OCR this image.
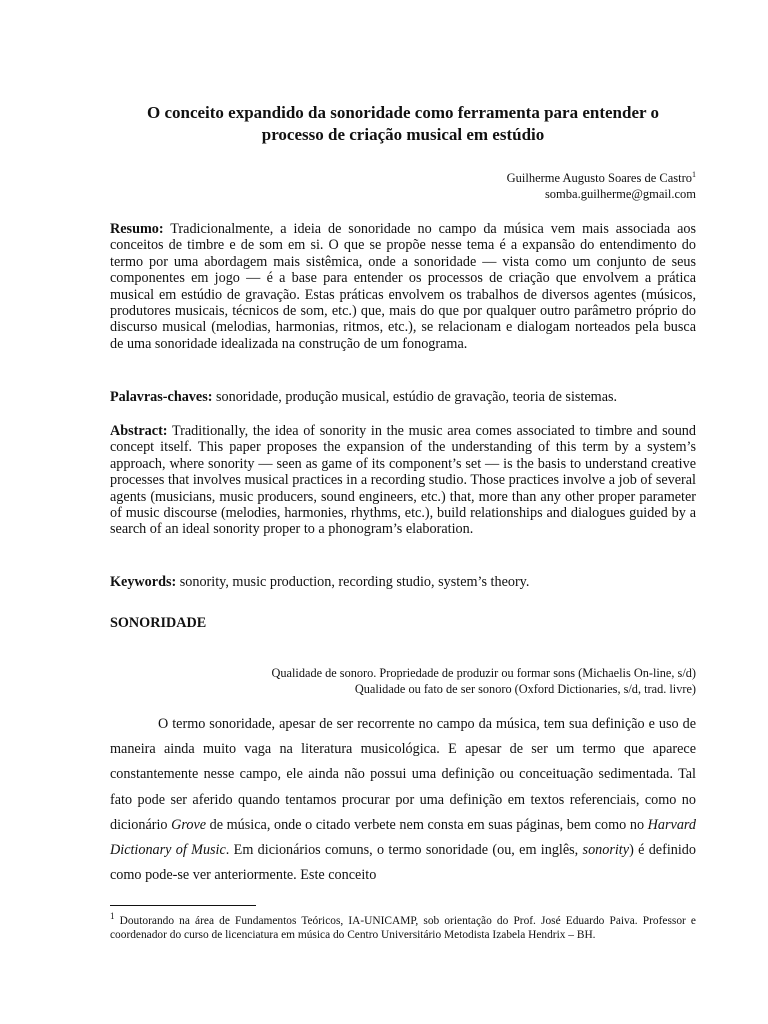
O conceito expandido da sonoridade como ferramenta para entender o
processo de criação musical em estúdio
Guilherme Augusto Soares de Castro$^1$
somba.guilherme@gmail.com
Resumo: Tradicionalmente, a ideia de sonoridade no campo da música vem mais associada aos conceitos de timbre e de som em si. O que se propõe nesse tema é a expansão do entendimento do termo por uma abordagem mais sistêmica, onde a sonoridade — vista como um conjunto de seus componentes em jogo — é a base para entender os processos de criação que envolvem a prática musical em estúdio de gravação. Estas práticas envolvem os trabalhos de diversos agentes (músicos, produtores musicais, técnicos de som, etc.) que, mais do que por qualquer outro parâmetro próprio do discurso musical (melodias, harmonias, ritmos, etc.), se relacionam e dialogam norteados pela busca de uma sonoridade idealizada na construção de um fonograma.
Palavras-chaves: sonoridade, produção musical, estúdio de gravação, teoria de sistemas.
Abstract: Traditionally, the idea of sonority in the music area comes associated to timbre and sound concept itself. This paper proposes the expansion of the understanding of this term by a system’s approach, where sonority — seen as game of its component’s set — is the basis to understand creative processes that involves musical practices in a recording studio. Those practices involve a job of several agents (musicians, music producers, sound engineers, etc.) that, more than any other proper parameter of music discourse (melodies, harmonies, rhythms, etc.), build relationships and dialogues guided by a search of an ideal sonority proper to a phonogram’s elaboration.
Keywords: sonority, music production, recording studio, system’s theory.
SONORIDADE
Qualidade de sonoro. Propriedade de produzir ou formar sons (Michaelis On-line, s/d)
Qualidade ou fato de ser sonoro (Oxford Dictionaries, s/d, trad. livre)

O termo sonoridade, apesar de ser recorrente no campo da música, tem sua definição e uso de maneira ainda muito vaga na literatura musicológica. E apesar de ser um termo que aparece constantemente nesse campo, ele ainda não possui uma definição ou conceituação sedimentada. Tal fato pode ser aferido quando tentamos procurar por uma definição em textos referenciais, como no dicionário Grove de música, onde o citado verbete nem consta em suas páginas, bem como no Harvard Dictionary of Music. Em dicionários comuns, o termo sonoridade (ou, em inglês, sonority) é definido como pode-se ver anteriormente. Este conceito

$^1$ Doutorando na área de Fundamentos Teóricos, IA-UNICAMP, sob orientação do Prof. José Eduardo Paiva. Professor e coordenador do curso de licenciatura em música do Centro Universitário Metodista Izabela Hendrix – BH.
